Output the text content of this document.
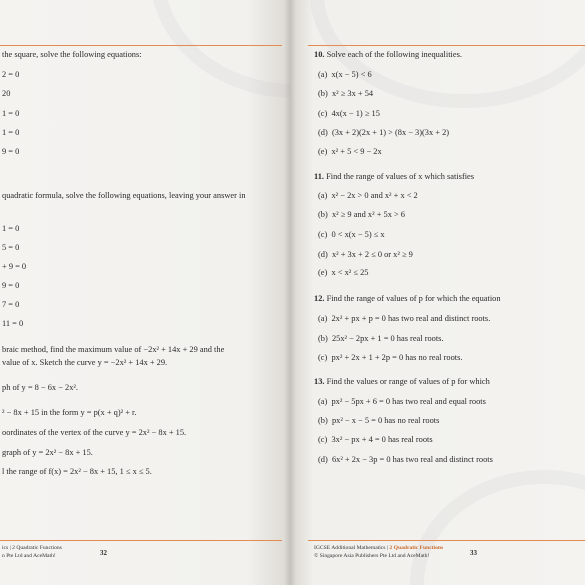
the square, solve the following equations:
2 = 0
20
1 = 0
1 = 0
9 = 0
quadratic formula, solve the following equations, leaving your answer in
1 = 0
5 = 0
+ 9 = 0
9 = 0
7 = 0
11 = 0
braic method, find the maximum value of −2x² + 14x + 29 and the
value of x. Sketch the curve y = −2x² + 14x + 29.
ph of y = 8 − 6x − 2x².
² − 8x + 15 in the form y = p(x + q)² + r.
oordinates of the vertex of the curve y = 2x² − 8x + 15.
graph of y = 2x² − 8x + 15.
l the range of f(x) = 2x² − 8x + 15, 1 ≤ x ≤ 5.
ics | 2 Quadratic Functions
n Pte Ltd and AceMath!	32
10. Solve each of the following inequalities.
(a) x(x − 5) < 6
(b) x² ≥ 3x + 54
(c) 4x(x − 1) ≥ 15
(d) (3x + 2)(2x + 1) > (8x − 3)(3x + 2)
(e) x² + 5 < 9 − 2x
11. Find the range of values of x which satisfies
(a) x² − 2x > 0 and x² + x < 2
(b) x² ≥ 9 and x² + 5x > 6
(c) 0 < x(x − 5) ≤ x
(d) x² + 3x + 2 ≤ 0 or x² ≥ 9
(e) x < x² ≤ 25
12. Find the range of values of p for which the equation
(a) 2x² + px + p = 0 has two real and distinct roots.
(b) 25x² − 2px + 1 = 0 has real roots.
(c) px² + 2x + 1 + 2p = 0 has no real roots.
13. Find the values or range of values of p for which
(a) px² − 5px + 6 = 0 has two real and equal roots
(b) px² − x − 5 = 0 has no real roots
(c) 3x² − px + 4 = 0 has real roots
(d) 6x² + 2x − 3p = 0 has two real and distinct roots
IGCSE Additional Mathematics | 2 Quadratic Functions
© Singapore Asia Publishers Pte Ltd and AceMath!	33
